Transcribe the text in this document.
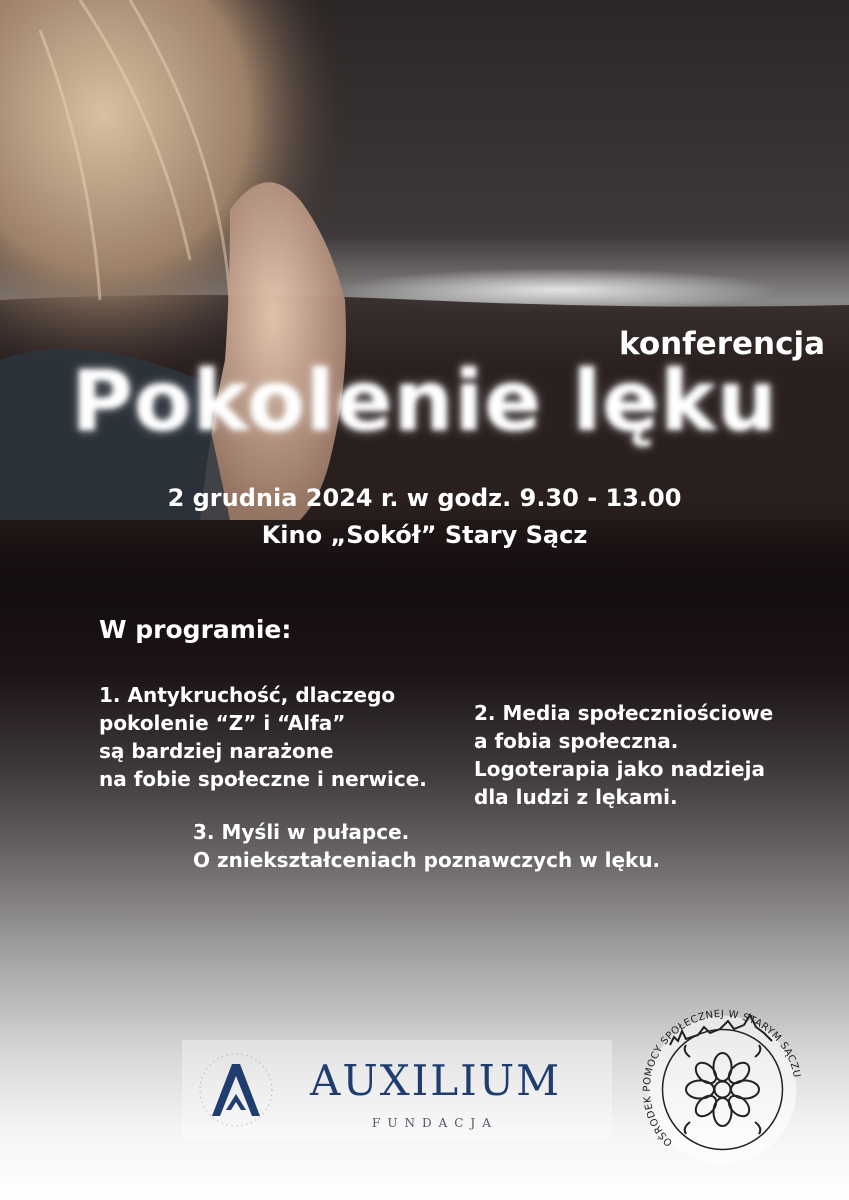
konferencja

Pokolenie lęku

2 grudnia 2024 r. w godz. 9.30 - 13.00

Kino „Sokół” Stary Sącz

W programie:

1. Antykruchość, dlaczego
pokolenie “Z” i “Alfa”
są bardziej narażone
na fobie społeczne i nerwice.
2. Media społeczniościowe
a fobia społeczna.
Logoterapia jako nadzieja
dla ludzi z lękami.
3. Myśli w pułapce.
O zniekształceniach poznawczych w lęku.

AUXILIUM

FUNDACJA

OŚRODEK POMOCY SPOŁECZNEJ W STARYM SĄCZU
